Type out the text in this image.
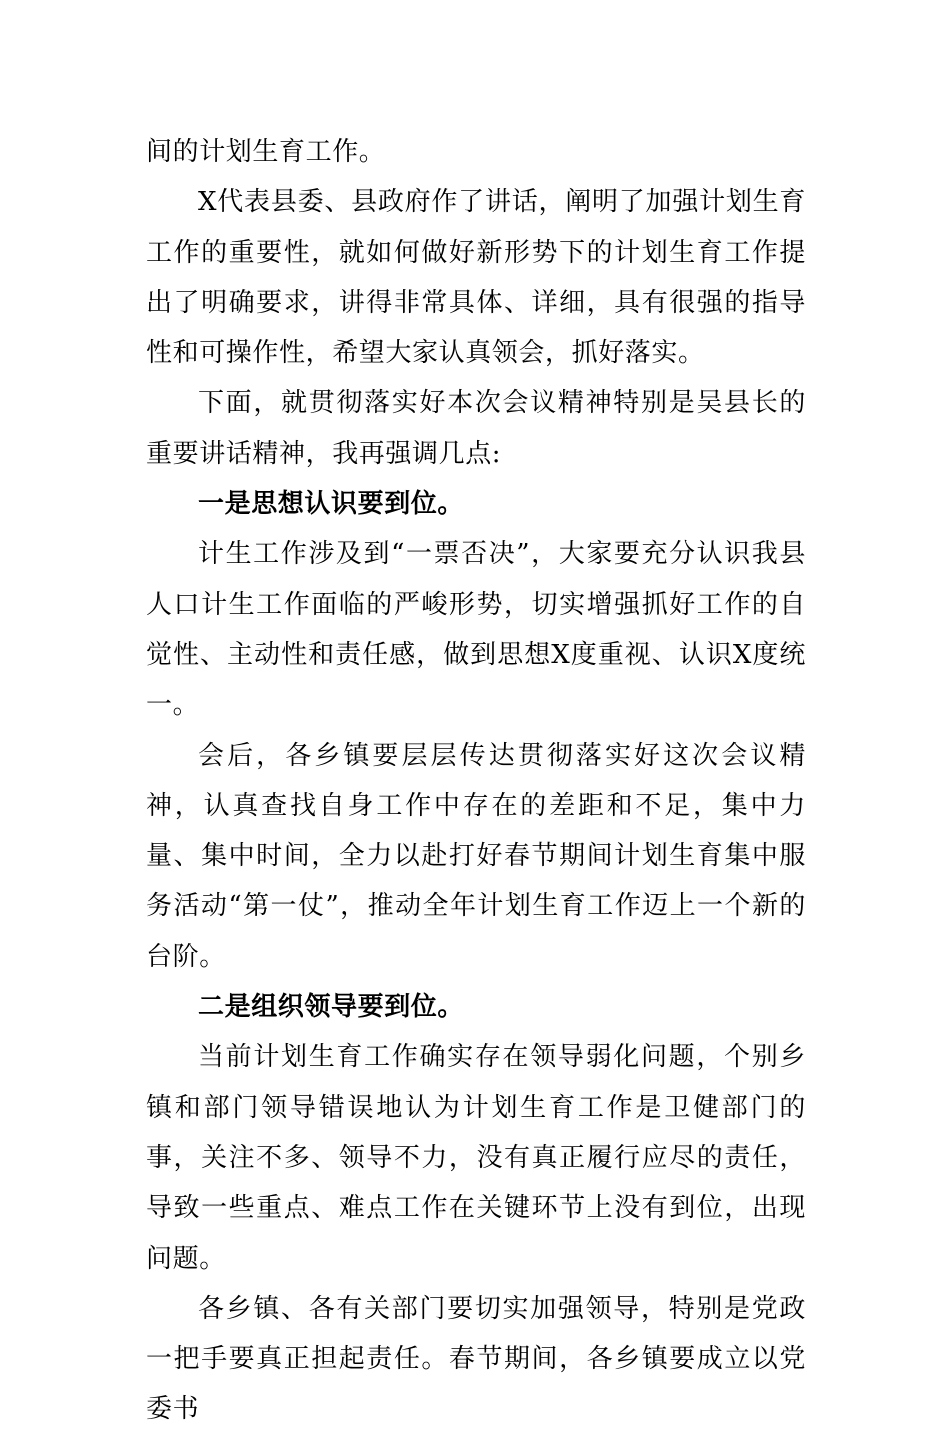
间的计划生育工作。

X代表县委、县政府作了讲话，阐明了加强计划生育工作的重要性，就如何做好新形势下的计划生育工作提出了明确要求，讲得非常具体、详细，具有很强的指导性和可操作性，希望大家认真领会，抓好落实。

下面，就贯彻落实好本次会议精神特别是吴县长的重要讲话精神，我再强调几点:

一是思想认识要到位。

计生工作涉及到“一票否决”，大家要充分认识我县人口计生工作面临的严峻形势，切实增强抓好工作的自觉性、主动性和责任感，做到思想X度重视、认识X度统一。

会后，各乡镇要层层传达贯彻落实好这次会议精神，认真查找自身工作中存在的差距和不足，集中力量、集中时间，全力以赴打好春节期间计划生育集中服务活动“第一仗”，推动全年计划生育工作迈上一个新的台阶。

二是组织领导要到位。

当前计划生育工作确实存在领导弱化问题，个别乡镇和部门领导错误地认为计划生育工作是卫健部门的事，关注不多、领导不力，没有真正履行应尽的责任，导致一些重点、难点工作在关键环节上没有到位，出现问题。

各乡镇、各有关部门要切实加强领导，特别是党政一把手要真正担起责任。春节期间，各乡镇要成立以党委书
